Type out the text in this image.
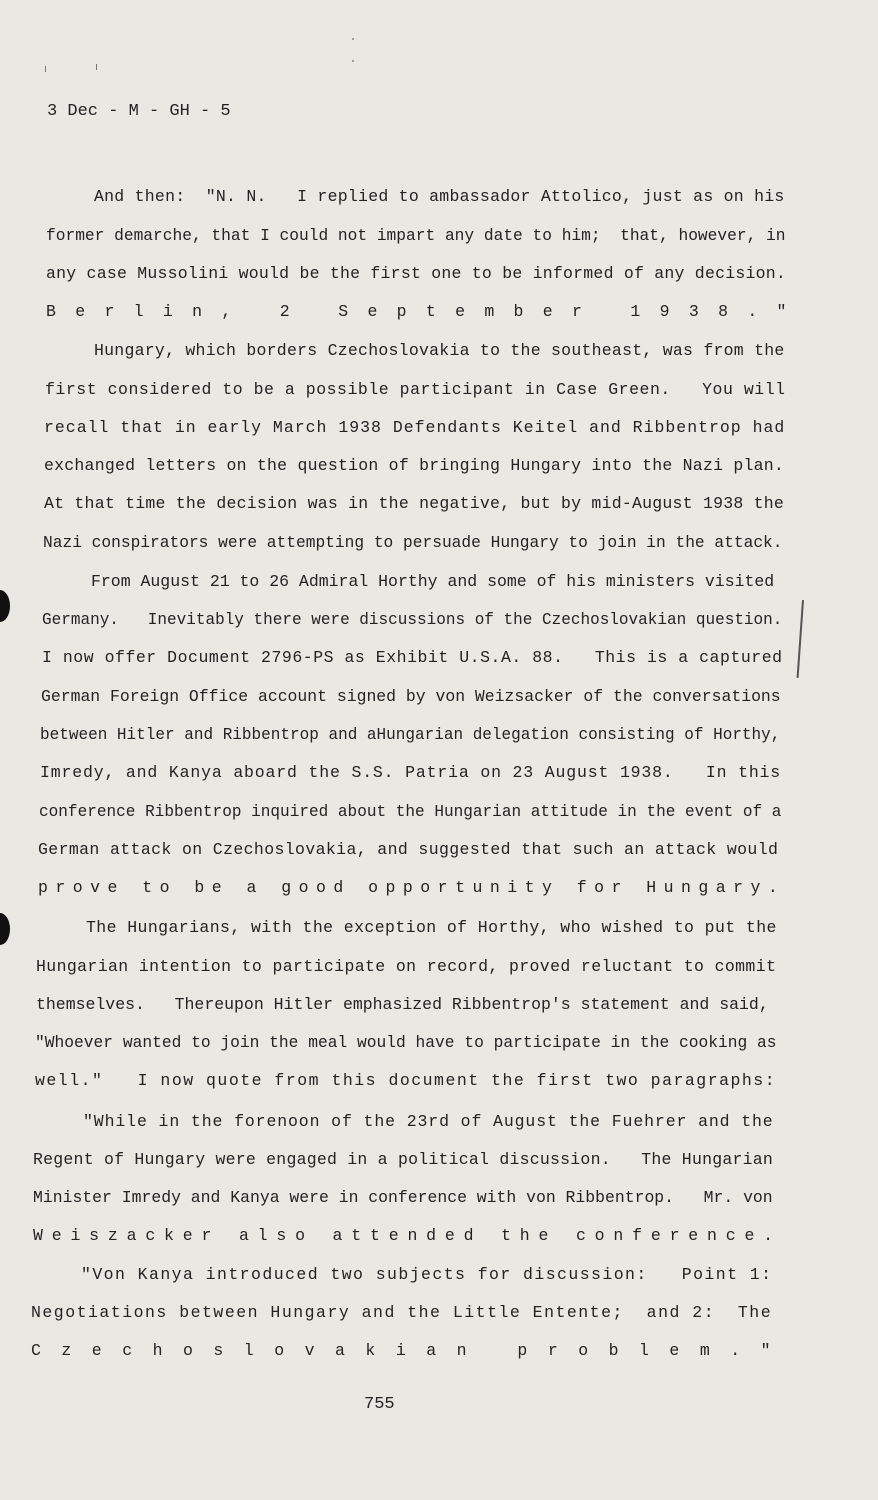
3 Dec - M - GH - 5
And then:  "N. N.   I replied to ambassador Attolico, just as on his
former demarche, that I could not impart any date to him;  that, however, in
any case Mussolini would be the first one to be informed of any decision.
Berlin, 2 September 1938."
Hungary, which borders Czechoslovakia to the southeast, was from the
first considered to be a possible participant in Case Green.   You will
recall that in early March 1938 Defendants Keitel and Ribbentrop had
exchanged letters on the question of bringing Hungary into the Nazi plan.
At that time the decision was in the negative, but by mid-August 1938 the
Nazi conspirators were attempting to persuade Hungary to join in the attack.
From August 21 to 26 Admiral Horthy and some of his ministers visited
Germany.   Inevitably there were discussions of the Czechoslovakian question.
I now offer Document 2796-PS as Exhibit U.S.A. 88.   This is a captured
German Foreign Office account signed by von Weizsacker of the conversations
between Hitler and Ribbentrop and aHungarian delegation consisting of Horthy,
Imredy, and Kanya aboard the S.S. Patria on 23 August 1938.   In this
conference Ribbentrop inquired about the Hungarian attitude in the event of a
German attack on Czechoslovakia, and suggested that such an attack would
prove to be a good opportunity for Hungary.
The Hungarians, with the exception of Horthy, who wished to put the
Hungarian intention to participate on record, proved reluctant to commit
themselves.   Thereupon Hitler emphasized Ribbentrop's statement and said,
"Whoever wanted to join the meal would have to participate in the cooking as
well."   I now quote from this document the first two paragraphs:
"While in the forenoon of the 23rd of August the Fuehrer and the
Regent of Hungary were engaged in a political discussion.   The Hungarian
Minister Imredy and Kanya were in conference with von Ribbentrop.   Mr. von
Weiszacker also attended the conference.
"Von Kanya introduced two subjects for discussion:   Point 1:
Negotiations between Hungary and the Little Entente;  and 2:  The
Czechoslovakian problem."
755
